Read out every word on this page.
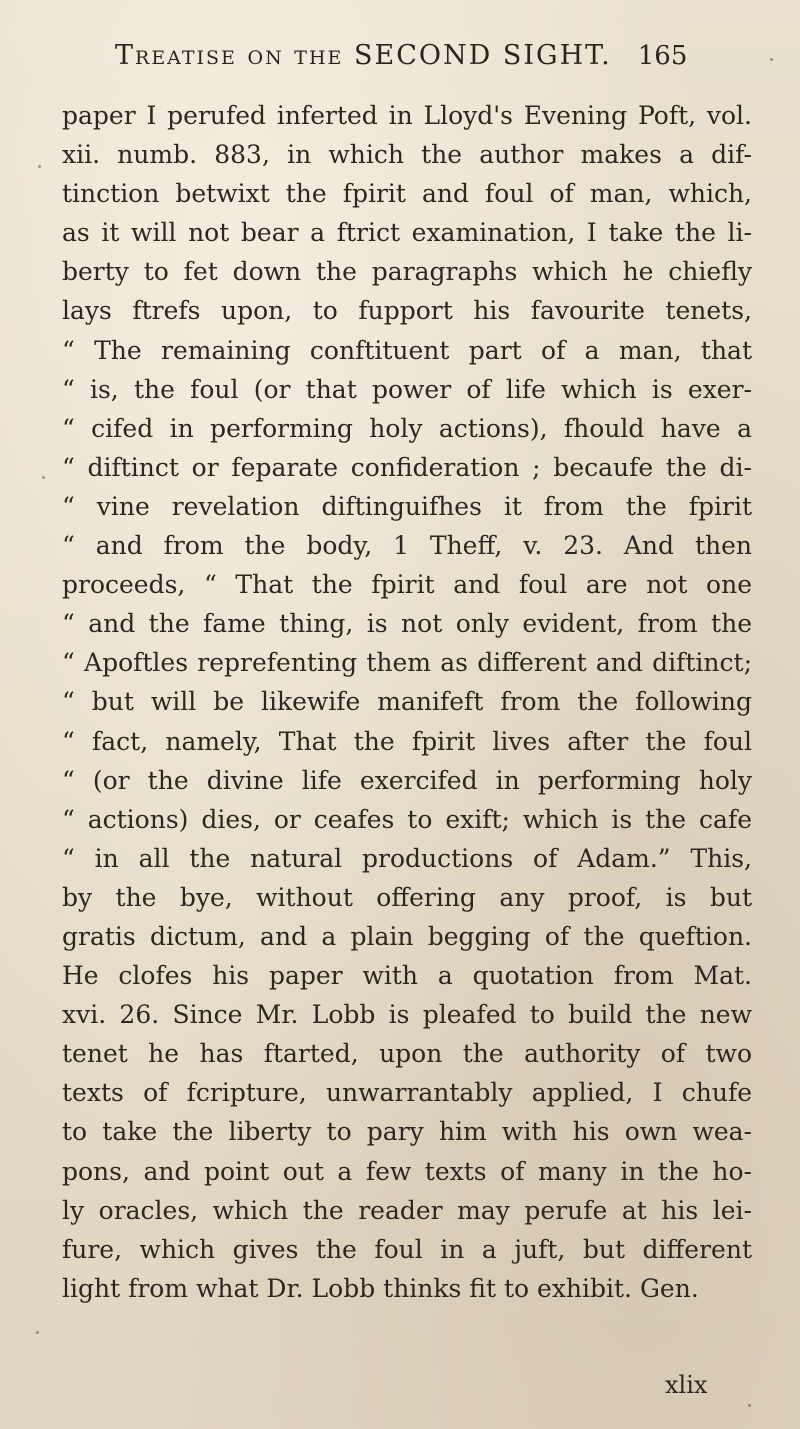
Treatise on the SECOND SIGHT. 165
paper I perufed inferted in Lloyd's Evening Poft, vol.
xii. numb. 883, in which the author makes a dif-
tinction betwixt the fpirit and foul of man, which,
as it will not bear a ftrict examination, I take the li-
berty to fet down the paragraphs which he chiefly
lays ftrefs upon, to fupport his favourite tenets,
“ The remaining conftituent part of a man, that
“ is, the foul (or that power of life which is exer-
“ cifed in performing holy actions), fhould have a
“ diftinct or feparate confideration ; becaufe the di-
“ vine revelation diftinguifhes it from the fpirit
“ and from the body, 1 Theff, v. 23. And then
proceeds, “ That the fpirit and foul are not one
“ and the fame thing, is not only evident, from the
“ Apoftles reprefenting them as different and diftinct;
“ but will be likewife manifeft from the following
“ fact, namely, That the fpirit lives after the foul
“ (or the divine life exercifed in performing holy
“ actions) dies, or ceafes to exift; which is the cafe
“ in all the natural productions of Adam.” This,
by the bye, without offering any proof, is but
gratis dictum, and a plain begging of the queftion.
He clofes his paper with a quotation from Mat.
xvi. 26. Since Mr. Lobb is pleafed to build the new
tenet he has ftarted, upon the authority of two
texts of fcripture, unwarrantably applied, I chufe
to take the liberty to pary him with his own wea-
pons, and point out a few texts of many in the ho-
ly oracles, which the reader may perufe at his lei-
fure, which gives the foul in a juft, but different
light from what Dr. Lobb thinks fit to exhibit. Gen.
xlix
